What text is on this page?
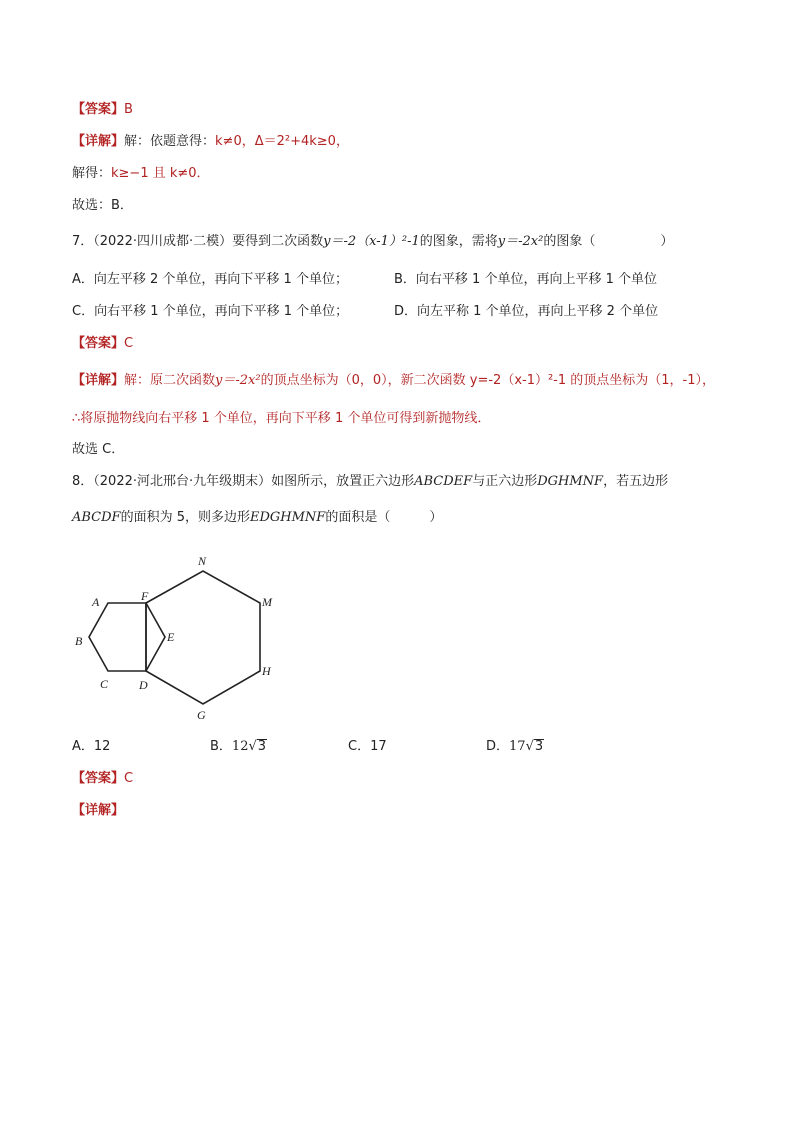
【答案】B
【详解】解：依题意得：k≠0，Δ＝2²+4k≥0，
解得：k≥−1 且 k≠0．
故选：B．
7．（2022·四川成都·二模）要得到二次函数y＝-2（x-1）²-1的图象，需将y＝-2x²的图象（　　　　　）
A．向左平移 2 个单位，再向下平移 1 个单位；	B．向右平移 1 个单位，再向上平移 1 个单位
C．向右平移 1 个单位，再向下平移 1 个单位；	D．向左平称 1 个单位，再向上平移 2 个单位
【答案】C
【详解】解：原二次函数y＝-2x²的顶点坐标为（0，0），新二次函数 y=-2（x-1）²-1 的顶点坐标为（1，-1），
∴将原抛物线向右平移 1 个单位，再向下平移 1 个单位可得到新抛物线．
故选 C．
8．（2022·河北邢台·九年级期末）如图所示，放置正六边形ABCDEF与正六边形DGHMNF，若五边形
ABCDF的面积为 5，则多边形EDGHMNF的面积是（　　　）
A
B
C	D
E
F
G
H
M
N
A．12	B．12√3	C．17	D．17√3
【答案】C
【详解】
